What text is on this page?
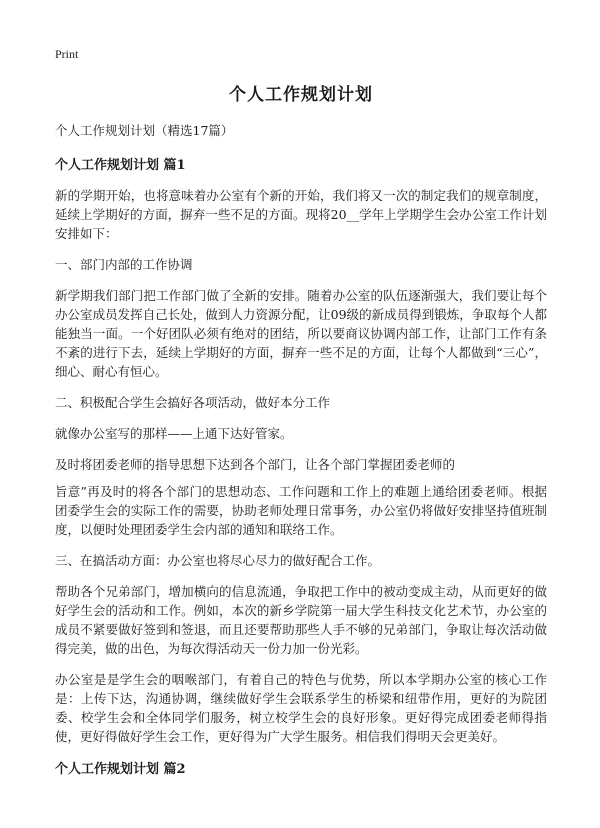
Print
个人工作规划计划

个人工作规划计划（精选17篇）

个人工作规划计划 篇1

新的学期开始，也将意味着办公室有个新的开始，我们将又一次的制定我们的规章制度，延续上学期好的方面，摒弃一些不足的方面。现将20__学年上学期学生会办公室工作计划安排如下：

一、部门内部的工作协调

新学期我们部门把工作部门做了全新的安排。随着办公室的队伍逐渐强大，我们要让每个办公室成员发挥自己长处，做到人力资源分配，让09级的新成员得到锻炼，争取每个人都能独当一面。一个好团队必须有绝对的团结，所以要商议协调内部工作，让部门工作有条不紊的进行下去，延续上学期好的方面，摒弃一些不足的方面，让每个人都做到“三心”，细心、耐心有恒心。

二、积极配合学生会搞好各项活动，做好本分工作

就像办公室写的那样——上通下达好管家。

及时将团委老师的指导思想下达到各个部门，让各个部门掌握团委老师的

旨意”再及时的将各个部门的思想动态、工作问题和工作上的难题上通给团委老师。根据团委学生会的实际工作的需要，协助老师处理日常事务，办公室仍将做好安排坚持值班制度，以便时处理团委学生会内部的通知和联络工作。

三、在搞活动方面：办公室也将尽心尽力的做好配合工作。

帮助各个兄弟部门，增加横向的信息流通，争取把工作中的被动变成主动，从而更好的做好学生会的活动和工作。例如，本次的新乡学院第一届大学生科技文化艺术节，办公室的成员不紧要做好签到和签退，而且还要帮助那些人手不够的兄弟部门，争取让每次活动做得完美，做的出色，为每次得活动天一份力加一份光彩。

办公室是是学生会的咽喉部门，有着自己的特色与优势，所以本学期办公室的核心工作是：上传下达，沟通协调，继续做好学生会联系学生的桥梁和纽带作用，更好的为院团委、校学生会和全体同学们服务，树立校学生会的良好形象。更好得完成团委老师得指使，更好得做好学生会工作，更好得为广大学生服务。相信我们得明天会更美好。

个人工作规划计划 篇2
